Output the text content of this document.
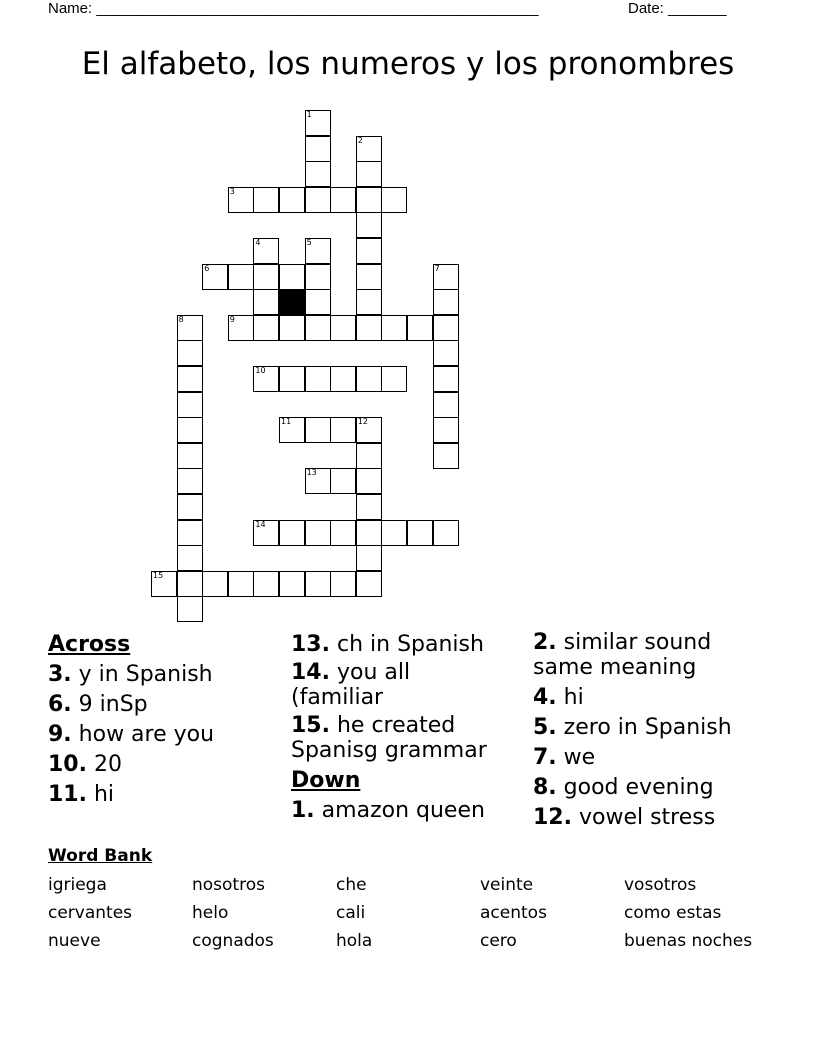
Name: _____________________________________________________	Date: _______
El alfabeto, los numeros y los pronombres
1
2
3
4	5
6	7
8	9
10
11	12
13
14
15
Across
3. y in Spanish
6. 9 inSp
9. how are you
10. 20
11. hi
13. ch in Spanish
14. you all (familiar
15. he created Spanisg grammar
Down
1. amazon queen
2. similar sound same meaning
4. hi
5. zero in Spanish
7. we
8. good evening
12. vowel stress
Word Bank
igriega	nosotros	che	veinte	vosotros
cervantes	helo	cali	acentos	como estas
nueve	cognados	hola	cero	buenas noches
